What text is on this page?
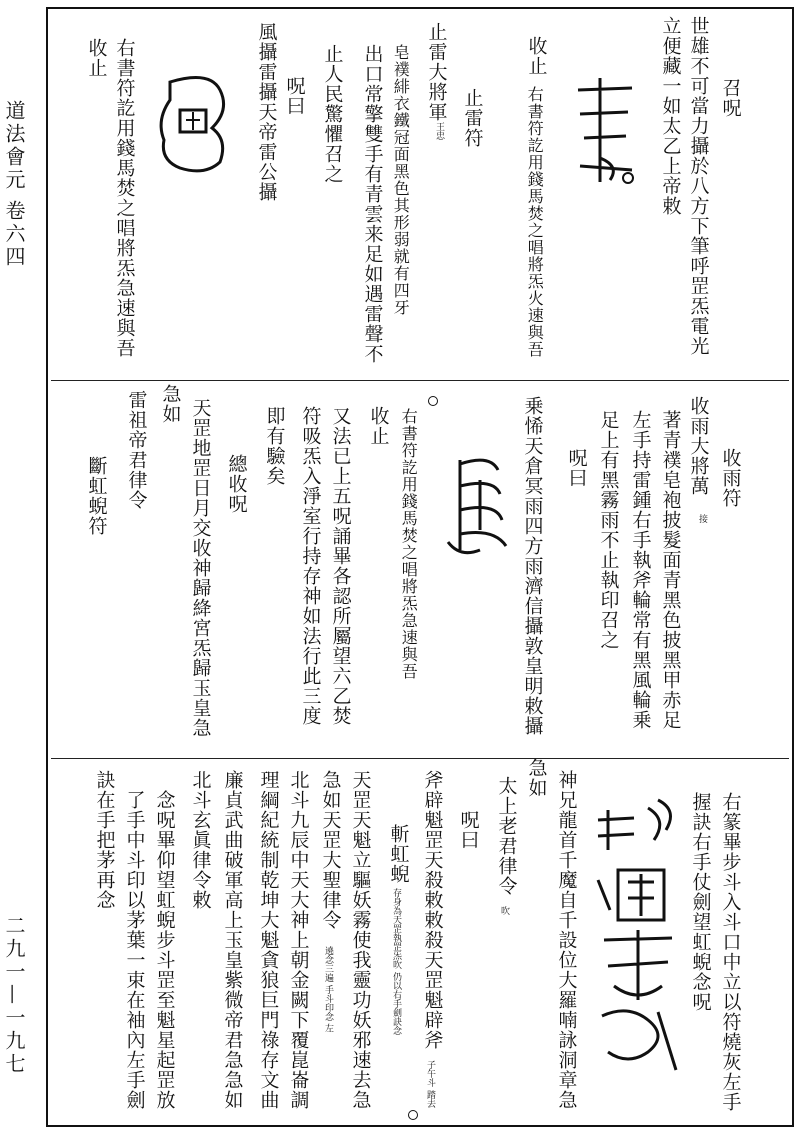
道法會元
卷六四
二九一—一九七
召呪
世雄不可當力攝於八方下筆呼罡炁電光
立便藏一如太乙上帝敕
收止
右書符訖用錢馬焚之唱將炁火速與吾
止雷符
止雷大將軍
王忠
皂襆緋衣鐵冠面黑色其形弱就有四牙
出口常擎雙手有青雲来足如遇雷聲不
止人民驚懼召之
呪曰
風攝雷攝天帝雷公攝
右書符訖用錢馬焚之唱將炁急速與吾
收止
收雨符
收雨大將萬
接
著青襆皂袍披髮面青黑色披黑甲赤足
左手持雷鍾右手執斧輪常有黑風輪乗
足上有黑霧雨不止執印召之
呪曰
乗悕天倉冥雨四方雨濟信攝敦皇明敕攝
右書符訖用錢馬焚之唱將炁急速與吾
收止
又法已上五呪誦畢各認所屬望六乙焚
符吸炁入淨室行持存神如法行此三度
即有驗矣
總收呪
天罡地罡日月交收神歸絳宮炁歸玉皇急
急如
雷祖帝君律令
斷虹蜺符
右篆畢步斗入斗口中立以符燒灰左手
握訣右手仗劍望虹蜺念呪
神兄龍首千魔自千設位大羅喃詠洞章急
急如
太上老君律令
吹
呪曰
斧辟魁罡天殺敕敕殺天罡魁辟斧
子午斗 踏去
斬虹蜺
存身為天罡執罡炁吹 仍以右手劍訣念
天罡天魁立驅妖霧使我靈功妖邪速去急
急如天罡大聖律令
遶念三遍 手斗印念 左
北斗九辰中天大神上朝金闕下覆崑崙調
理綱紀統制乾坤大魁貪狼巨門祿存文曲
廉貞武曲破軍高上玉皇紫微帝君急急如
北斗玄眞律令敕
念呪畢仰望虹蜺步斗罡至魁星起罡放
了手中斗印以茅葉一束在袖內左手劍
訣在手把茅再念
